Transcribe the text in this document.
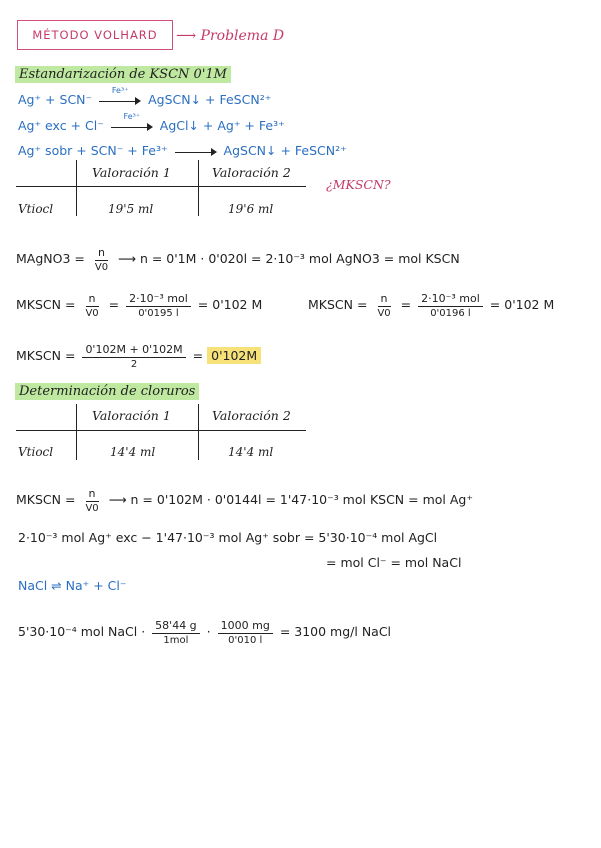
MÉTODO VOLHARD ⟶ Problema D
Estandarización de KSCN 0'1M
Ag⁺ + SCN⁻
Fe³⁺
AgSCN↓ + FeSCN²⁺
Ag⁺ exc + Cl⁻
Fe³⁺
AgCl↓ + Ag⁺ + Fe³⁺
Ag⁺ sobr + SCN⁻ + Fe³⁺	AgSCN↓ + FeSCN²⁺
Valoración 1	Valoración 2
Vtiocl	19'5 ml	19'6 ml
¿MKSCN?
MAgNO3 = $\frac{n}{V0}$ ⟶ n = 0'1M · 0'020l = 2·10⁻³ mol AgNO3 = mol KSCN
MKSCN = $\frac{n}{V0} = \frac{\text{2·10⁻³ mol}}{0'0195 l} = 0'102$ M	MKSCN = $\frac{n}{V0} = \frac{\text{2·10⁻³ mol}}{0'0196 l} = 0'102$ M
MKSCN = $\frac{0'102M + 0'102M}{2} = 0'102M$
Determinación de cloruros
Valoración 1	Valoración 2
Vtiocl	14'4 ml	14'4 ml
MKSCN = $\frac{n}{V0}$ ⟶ n = 0'102M · 0'0144l = 1'47·10⁻³ mol KSCN = mol Ag⁺
2·10⁻³ mol Ag⁺ exc − 1'47·10⁻³ mol Ag⁺ sobr = 5'30·10⁻⁴ mol AgCl
= mol Cl⁻ = mol NaCl
NaCl ⇌ Na⁺ + Cl⁻
5'30·10⁻⁴ mol NaCl · $\frac{58'44 g}{\text{1mol}} \cdot \frac{1000 mg}{0'010 l} = 3100$ mg/l NaCl
